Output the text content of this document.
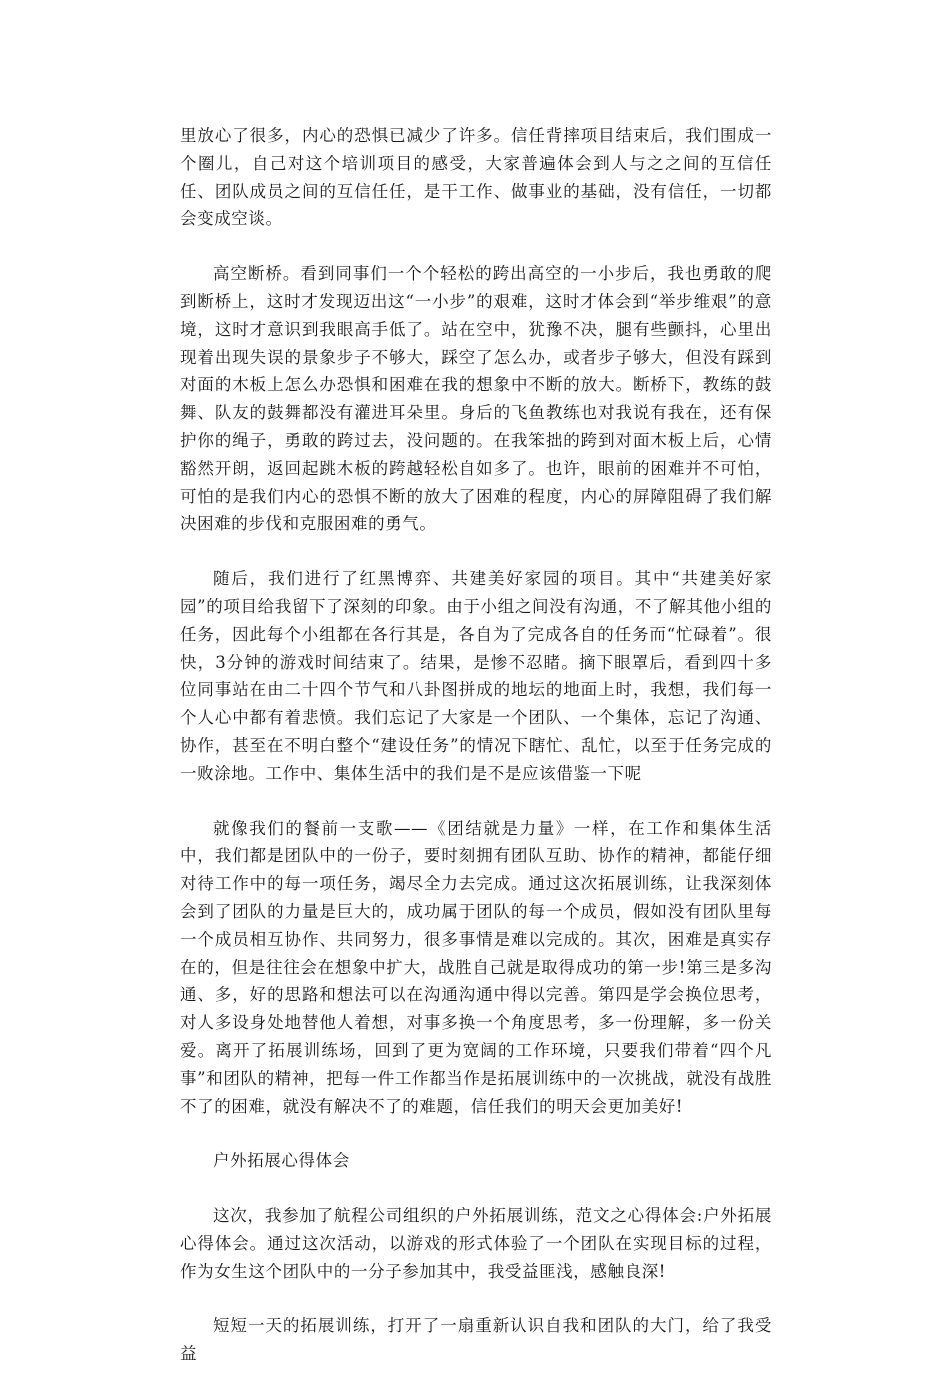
里放心了很多，内心的恐惧已减少了许多。信任背摔项目结束后，我们围成一个圈儿，自己对这个培训项目的感受，大家普遍体会到人与之之间的互信任任、团队成员之间的互信任任，是干工作、做事业的基础，没有信任，一切都会变成空谈。

高空断桥。看到同事们一个个轻松的跨出高空的一小步后，我也勇敢的爬到断桥上，这时才发现迈出这“一小步”的艰难，这时才体会到“举步维艰”的意境，这时才意识到我眼高手低了。站在空中，犹豫不决，腿有些颤抖，心里出现着出现失误的景象步子不够大，踩空了怎么办，或者步子够大，但没有踩到对面的木板上怎么办恐惧和困难在我的想象中不断的放大。断桥下，教练的鼓舞、队友的鼓舞都没有灌进耳朵里。身后的飞鱼教练也对我说有我在，还有保护你的绳子，勇敢的跨过去，没问题的。在我笨拙的跨到对面木板上后，心情豁然开朗，返回起跳木板的跨越轻松自如多了。也许，眼前的困难并不可怕，可怕的是我们内心的恐惧不断的放大了困难的程度，内心的屏障阻碍了我们解决困难的步伐和克服困难的勇气。

随后，我们进行了红黑博弈、共建美好家园的项目。其中“共建美好家园”的项目给我留下了深刻的印象。由于小组之间没有沟通，不了解其他小组的任务，因此每个小组都在各行其是，各自为了完成各自的任务而“忙碌着”。很快，3分钟的游戏时间结束了。结果，是惨不忍睹。摘下眼罩后，看到四十多位同事站在由二十四个节气和八卦图拼成的地坛的地面上时，我想，我们每一个人心中都有着悲愤。我们忘记了大家是一个团队、一个集体，忘记了沟通、协作，甚至在不明白整个“建设任务”的情况下瞎忙、乱忙，以至于任务完成的一败涂地。工作中、集体生活中的我们是不是应该借鉴一下呢

就像我们的餐前一支歌——《团结就是力量》一样，在工作和集体生活中，我们都是团队中的一份子，要时刻拥有团队互助、协作的精神，都能仔细对待工作中的每一项任务，竭尽全力去完成。通过这次拓展训练，让我深刻体会到了团队的力量是巨大的，成功属于团队的每一个成员，假如没有团队里每一个成员相互协作、共同努力，很多事情是难以完成的。其次，困难是真实存在的，但是往往会在想象中扩大，战胜自己就是取得成功的第一步!第三是多沟通、多，好的思路和想法可以在沟通沟通中得以完善。第四是学会换位思考，对人多设身处地替他人着想，对事多换一个角度思考，多一份理解，多一份关爱。离开了拓展训练场，回到了更为宽阔的工作环境，只要我们带着“四个凡事”和团队的精神，把每一件工作都当作是拓展训练中的一次挑战，就没有战胜不了的困难，就没有解决不了的难题，信任我们的明天会更加美好!

户外拓展心得体会

这次，我参加了航程公司组织的户外拓展训练，范文之心得体会:户外拓展心得体会。通过这次活动，以游戏的形式体验了一个团队在实现目标的过程，作为女生这个团队中的一分子参加其中，我受益匪浅，感触良深!

短短一天的拓展训练，打开了一扇重新认识自我和团队的大门，给了我受益
